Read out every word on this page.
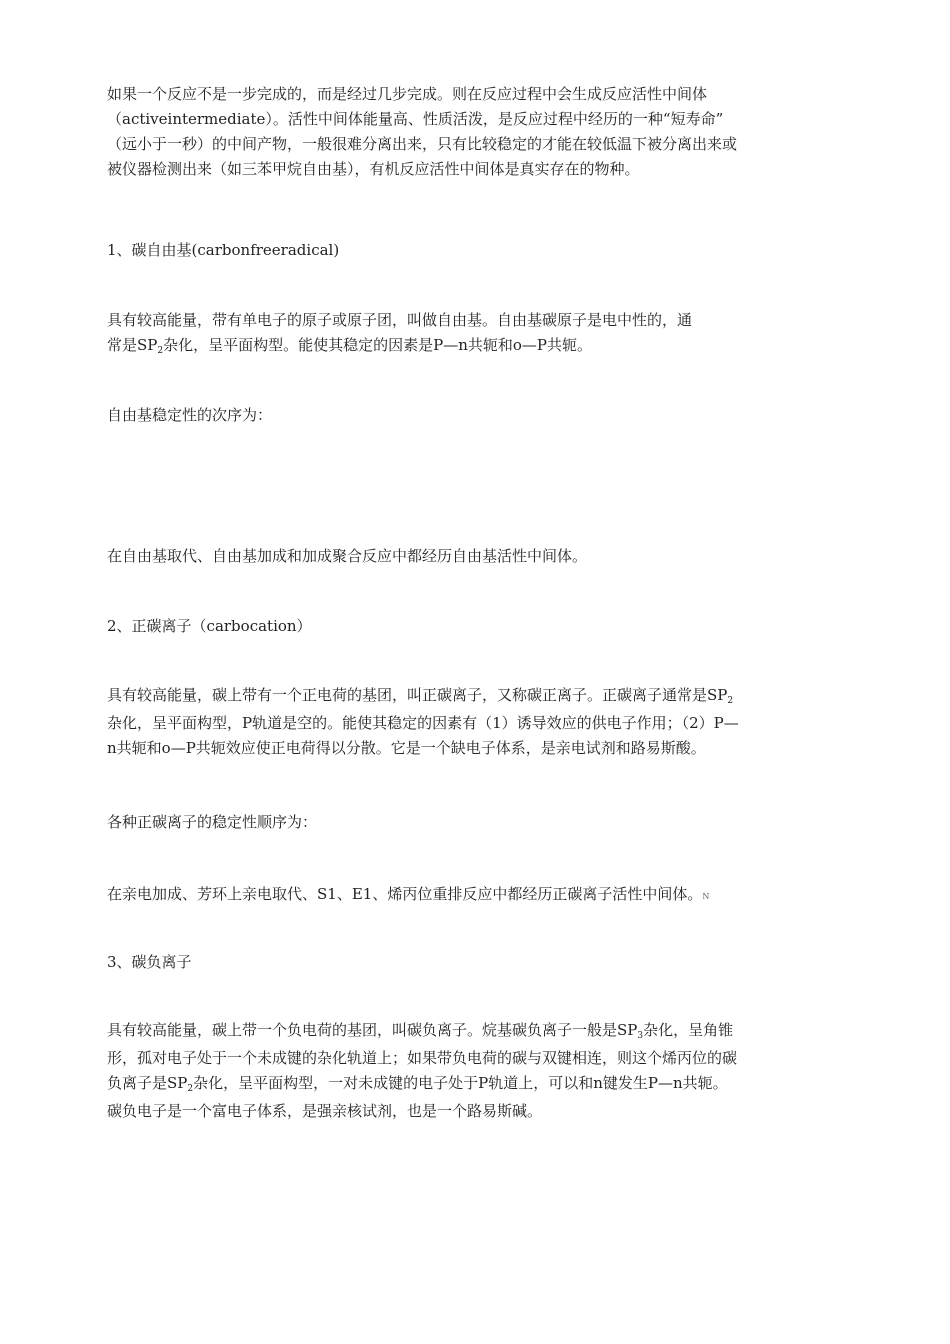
如果一个反应不是一步完成的，而是经过几步完成。则在反应过程中会生成反应活性中间体
（activeintermediate）。活性中间体能量高、性质活泼，是反应过程中经历的一种“短寿命”
（远小于一秒）的中间产物，一般很难分离出来，只有比较稳定的才能在较低温下被分离出来或
被仪器检测出来（如三苯甲烷自由基），有机反应活性中间体是真实存在的物种。

1、碳自由基(carbonfreeradical)

具有较高能量，带有单电子的原子或原子团，叫做自由基。自由基碳原子是电中性的，通
常是$SP_2$杂化，呈平面构型。能使其稳定的因素是P—n共轭和o—P共轭。

自由基稳定性的次序为：

在自由基取代、自由基加成和加成聚合反应中都经历自由基活性中间体。

2、正碳离子（carbocation）

具有较高能量，碳上带有一个正电荷的基团，叫正碳离子，又称碳正离子。正碳离子通常是$SP_2$
杂化，呈平面构型，P轨道是空的。能使其稳定的因素有（1）诱导效应的供电子作用；（2）P—
n共轭和o—P共轭效应使正电荷得以分散。它是一个缺电子体系，是亲电试剂和路易斯酸。

各种正碳离子的稳定性顺序为：

在亲电加成、芳环上亲电取代、S1、E1、烯丙位重排反应中都经历正碳离子活性中间体。N

3、碳负离子

具有较高能量，碳上带一个负电荷的基团，叫碳负离子。烷基碳负离子一般是$SP_3$杂化，呈角锥
形，孤对电子处于一个未成键的杂化轨道上；如果带负电荷的碳与双键相连，则这个烯丙位的碳
负离子是$SP_2$杂化，呈平面构型，一对未成键的电子处于P轨道上，可以和n键发生P—n共轭。
碳负电子是一个富电子体系，是强亲核试剂，也是一个路易斯碱。
